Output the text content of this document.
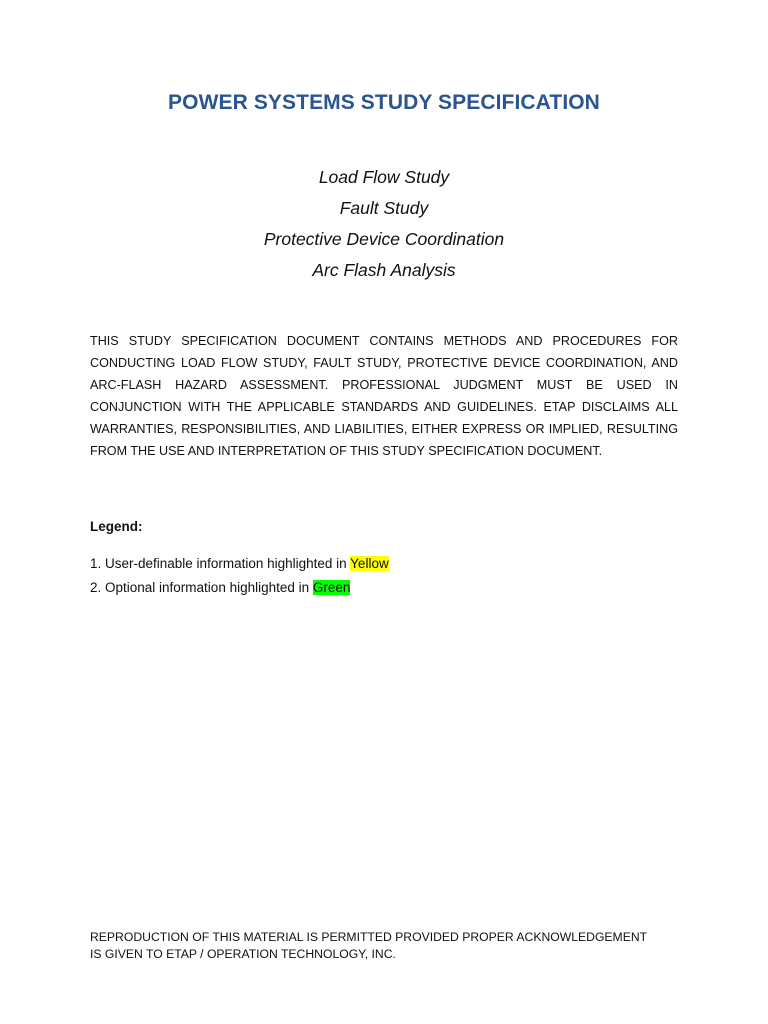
POWER SYSTEMS STUDY SPECIFICATION
Load Flow Study
Fault Study
Protective Device Coordination
Arc Flash Analysis

THIS STUDY SPECIFICATION DOCUMENT CONTAINS METHODS AND PROCEDURES FOR CONDUCTING LOAD FLOW STUDY, FAULT STUDY, PROTECTIVE DEVICE COORDINATION, AND ARC-FLASH HAZARD ASSESSMENT. PROFESSIONAL JUDGMENT MUST BE USED IN CONJUNCTION WITH THE APPLICABLE STANDARDS AND GUIDELINES. ETAP DISCLAIMS ALL WARRANTIES, RESPONSIBILITIES, AND LIABILITIES, EITHER EXPRESS OR IMPLIED, RESULTING FROM THE USE AND INTERPRETATION OF THIS STUDY SPECIFICATION DOCUMENT.

Legend:
1. User-definable information highlighted in Yellow
2. Optional information highlighted in Green
REPRODUCTION OF THIS MATERIAL IS PERMITTED PROVIDED PROPER ACKNOWLEDGEMENT
IS GIVEN TO ETAP / OPERATION TECHNOLOGY, INC.
